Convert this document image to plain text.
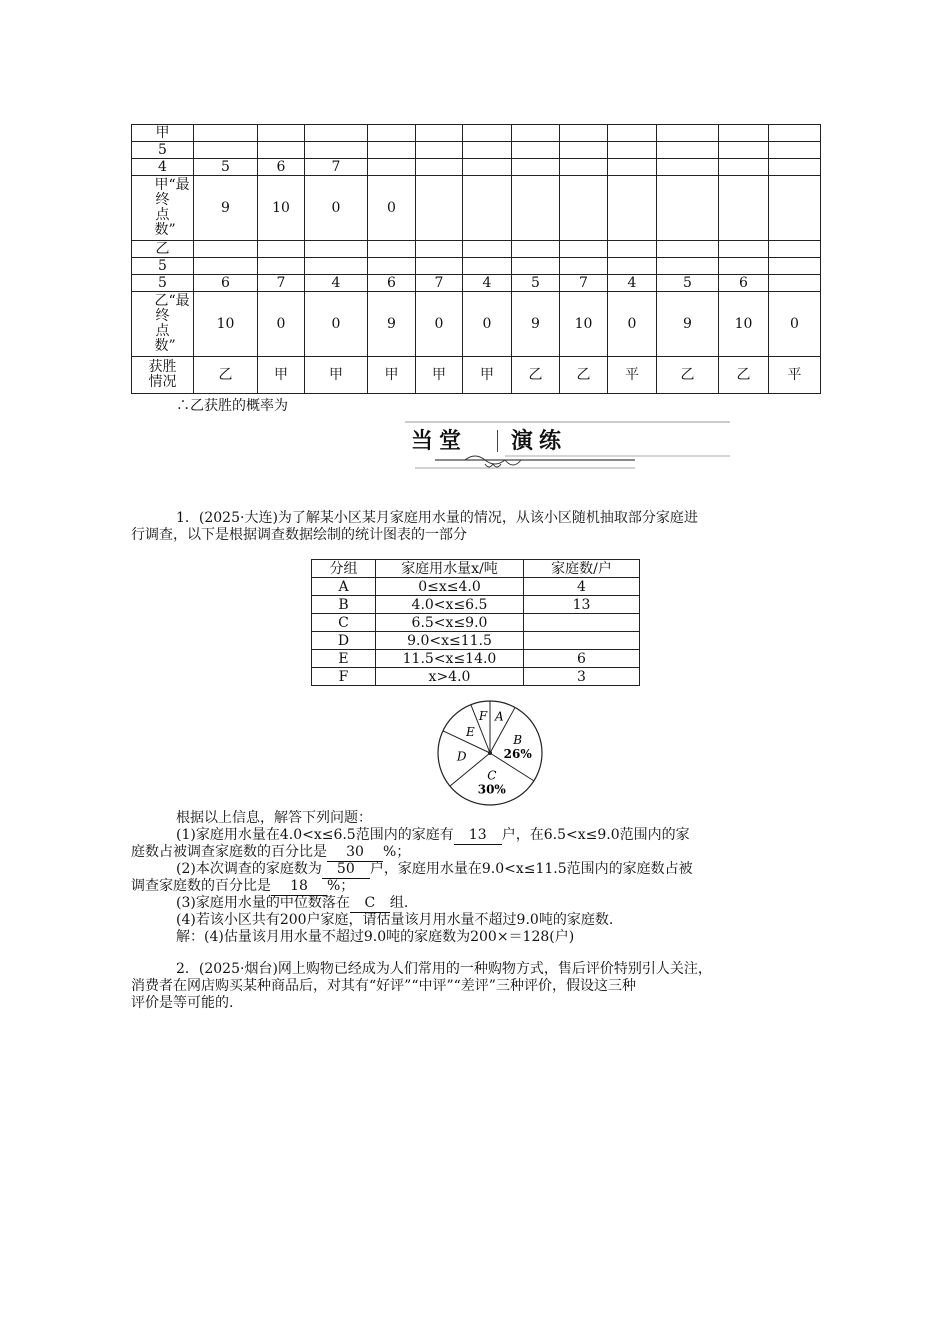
甲												
5												
4	5	6	7									
甲“最终点数”	9	10	0	0								
乙												
5												
5	6	7	4	6	7	4	5	7	4	5	6	
乙“最终点数”	10	0	0	9	0	0	9	10	0	9	10	0
获胜情况	乙	甲	甲	甲	甲	甲	乙	乙	平	乙	乙	平
∴乙获胜的概率为
当堂 演练
1．(2025·大连)为了解某小区某月家庭用水量的情况，从该小区随机抽取部分家庭进
行调查，以下是根据调查数据绘制的统计图表的一部分
分组	家庭用水量x/吨	家庭数/户
A	0≤x≤4.0	4
B	4.0<x≤6.5	13
C	6.5<x≤9.0	
D	9.0<x≤11.5	
E	11.5<x≤14.0	6
F	x>4.0	3
A
B
26%
C
30%
D
E
F
根据以上信息，解答下列问题：
(1)家庭用水量在4.0<x≤6.5范围内的家庭有 13 户，在6.5<x≤9.0范围内的家
庭数占被调查家庭数的百分比是 30 %；
(2)本次调查的家庭数为 50 户，家庭用水量在9.0<x≤11.5范围内的家庭数占被
调查家庭数的百分比是 18 %；
(3)家庭用水量的中位数落在 C 组.
(4)若该小区共有200户家庭，请估量该月用水量不超过9.0吨的家庭数.
解：(4)估量该月用水量不超过9.0吨的家庭数为200×＝128(户)
2．(2025·烟台)网上购物已经成为人们常用的一种购物方式，售后评价特别引人关注，
消费者在网店购买某种商品后，对其有“好评”“中评”“差评”三种评价，假设这三种
评价是等可能的.
